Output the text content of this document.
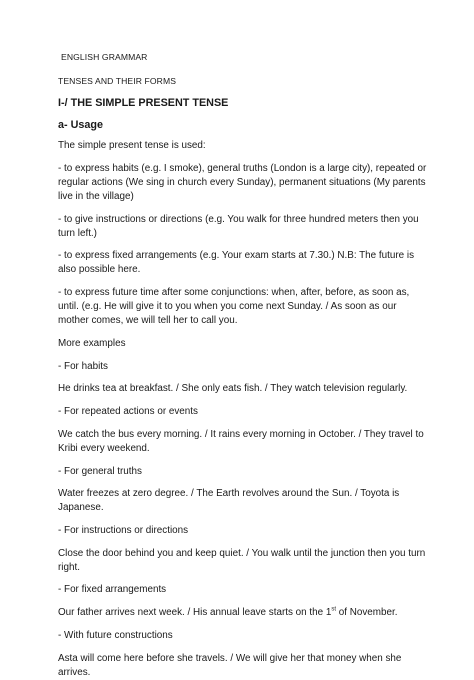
ENGLISH GRAMMAR
TENSES AND THEIR FORMS
I-/ THE SIMPLE PRESENT TENSE
a- Usage

The simple present tense is used:

- to express habits (e.g. I smoke), general truths (London is a large city), repeated or regular actions (We sing in church every Sunday), permanent situations (My parents live in the village)

- to give instructions or directions (e.g. You walk for three hundred meters then you turn left.)

- to express fixed arrangements (e.g. Your exam starts at 7.30.) N.B: The future is also possible here.

- to express future time after some conjunctions: when, after, before, as soon as, until. (e.g. He will give it to you when you come next Sunday. / As soon as our mother comes, we will tell her to call you.

More examples

- For habits

He drinks tea at breakfast. / She only eats fish. / They watch television regularly.

- For repeated actions or events

We catch the bus every morning. / It rains every morning in October. / They travel to Kribi every weekend.

- For general truths

Water freezes at zero degree. / The Earth revolves around the Sun. / Toyota is Japanese.

- For instructions or directions

Close the door behind you and keep quiet. / You walk until the junction then you turn right.

- For fixed arrangements

Our father arrives next week. / His annual leave starts on the 1st of November.

- With future constructions

Asta will come here before she travels. / We will give her that money when she arrives.
